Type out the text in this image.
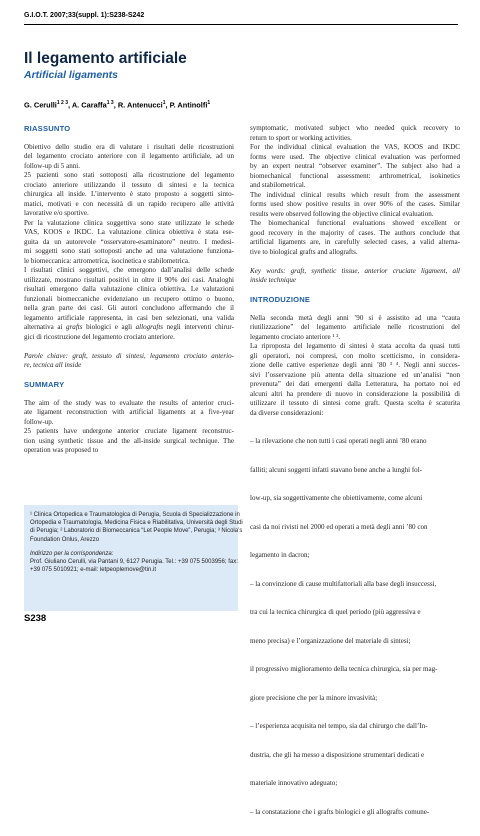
G.I.O.T. 2007;33(suppl. 1):S238-S242
Il legamento artificiale
Artificial ligaments
G. Cerulli$^{1 2 3}$, A. Caraffa$^{1 3}$, R. Antenucci$^1$, P. Antinolfi$^1$
RIASSUNTO
Obiettivo dello studio era di valutare i risultati delle ricostruzioni
del legamento crociato anteriore con il legamento artificiale, ad un
follow-up di 5 anni.
25 pazienti sono stati sottoposti alla ricostruzione del legamento
crociato anteriore utilizzando il tessuto di sintesi e la tecnica
chirurgica all inside. L’intervento è stato proposto a soggetti sinto-
matici, motivati e con necessità di un rapido recupero alle attività
lavorative e/o sportive.
Per la valutazione clinica soggettiva sono state utilizzate le schede
VAS, KOOS e IKDC. La valutazione clinica obiettiva è stata ese-
guita da un autorevole “osservatore-esaminatore” neutro. I medesi-
mi soggetti sono stati sottoposti anche ad una valutazione funziona-
le biomeccanica: artrometrica, isocinetica e stabilometrica.
I risultati clinici soggettivi, che emergono dall’analisi delle schede
utilizzate, mostrano risultati positivi in oltre il 90% dei casi. Analoghi
risultati emergono dalla valutazione clinica obiettiva. Le valutazioni
funzionali biomeccaniche evidenziano un recupero ottimo o buono,
nella gran parte dei casi. Gli autori concludono affermando che il
legamento artificiale rappresenta, in casi ben selezionati, una valida
alternativa ai grafts biologici e agli allografts negli interventi chirur-
gici di ricostruzione del legamento crociato anteriore.
Parole chiave: graft, tessuto di sintesi, legamento crociato anterio-
re, tecnica all inside
SUMMARY
The aim of the study was to evaluate the results of anterior cruci-
ate ligament reconstruction with artificial ligaments at a five-year
follow-up.
25 patients have undergone anterior cruciate ligament reconstruc-
tion using synthetic tissue and the all-inside surgical technique. The
operation was proposed to
symptomatic, motivated subject who needed quick recovery to
return to sport or working activities.
For the individual clinical evaluation the VAS, KOOS and IKDC
forms were used. The objective clinical evaluation was performed
by an expert neutral “observer examiner”. The subject also had a
biomechanical functional assessment: arthrometrical, isokinetics
and stabilometrical.
The individual clinical results which result from the assessment
forms used show positive results in over 90% of the cases. Similar
results were observed following the objective clinical evaluation.
The biomechanical functional evaluations showed excellent or
good recovery in the majority of cases. The authors conclude that
artificial ligaments are, in carefully selected cases, a valid alterna-
tive to biological grafts and allografts.
Key words: graft, synthetic tissue, anterior cruciate ligament, all
inside technique
INTRODUZIONE
Nella seconda metà degli anni ’90 si è assistito ad una “cauta
riutilizzazione” del legamento artificiale nelle ricostruzioni del
legamento crociato anteriore ¹ ².
La riproposta del legamento di sintesi è stata accolta da quasi tutti
gli operatori, noi compresi, con molto scetticismo, in considera-
zione delle cattive esperienze degli anni ’80 ³ ⁴. Negli anni succes-
sivi l’osservazione più attenta della situazione ed un’analisi “non
prevenuta” dei dati emergenti dalla Letteratura, ha portato noi ed
alcuni altri ha prendere di nuovo in considerazione la possibilità di
utilizzare il tessuto di sintesi come graft. Questa scelta è scaturita
da diverse considerazioni:

– la rilevazione che non tutti i casi operati negli anni ’80 erano

falliti; alcuni soggetti infatti stavano bene anche a lunghi fol-

low-up, sia soggettivamente che obiettivamente, come alcuni

casi da noi rivisti nel 2000 ed operati a metà degli anni ’80 con

legamento in dacron;

– la convinzione di cause multifattoriali alla base degli insuccessi,

tra cui la tecnica chirurgica di quel periodo (più aggressiva e

meno precisa) e l’organizzazione del materiale di sintesi;

il progressivo miglioramento della tecnica chirurgica, sia per mag-

giore precisione che per la minore invasività;

– l’esperienza acquisita nel tempo, sia dal chirurgo che dall’In-

dustria, che gli ha messo a disposizione strumentari dedicati e

materiale innovativo adeguato;

– la constatazione che i grafts biologici e gli allografts comune-

¹ Clinica Ortopedica e Traumatologica di Perugia, Scuola di Specializzazione in
Ortopedia e Traumatologia, Medicina Fisica e Riabilitativa, Università degli Studi
di Perugia; ² Laboratorio di Biomeccanica “Let People Move”, Perugia; ³ Nicola’s
Foundation Onlus, Arezzo
Indirizzo per la corrispondenza:
Prof. Giuliano Cerulli, via Pantani 9, 6127 Perugia. Tel.: +39 075 5003956; fax:
+39 075 5010921; e-mail: letpeoplemove@tin.it
S238
